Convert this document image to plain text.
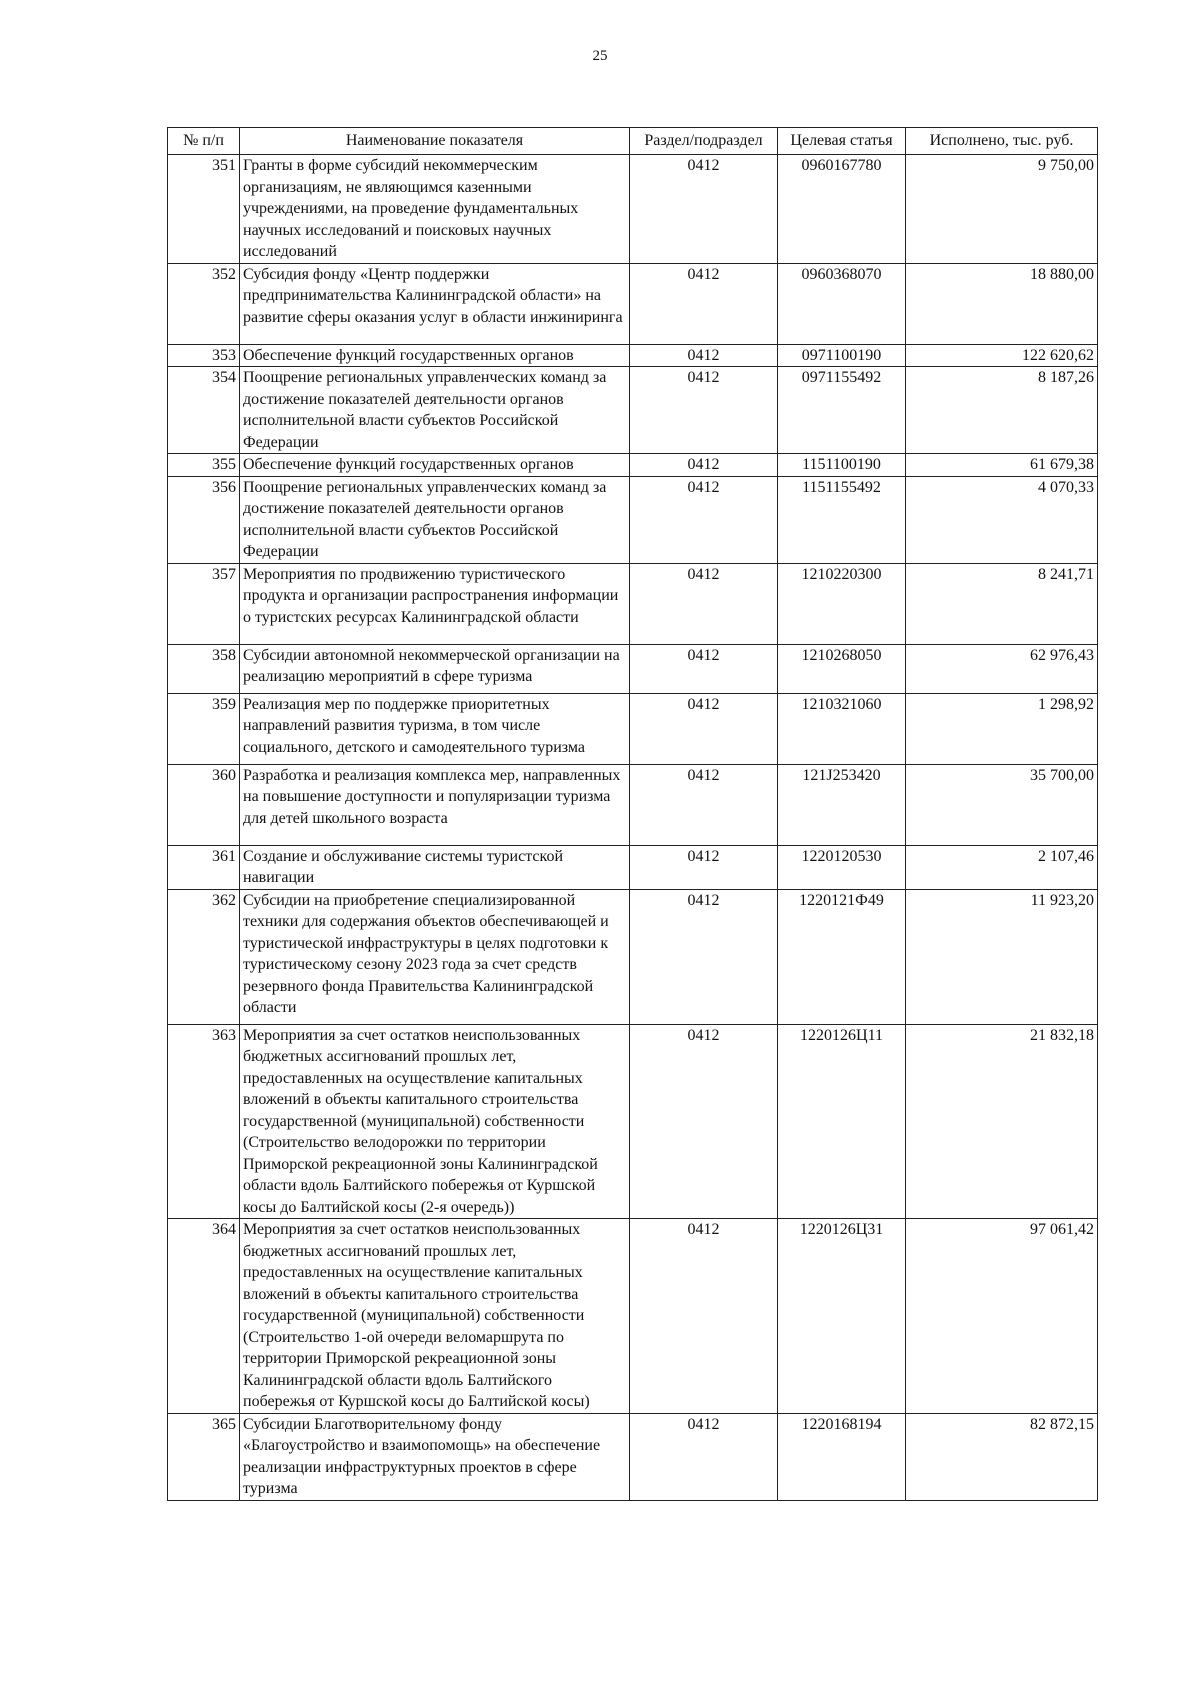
25
№ п/п	Наименование показателя	Раздел/подраздел	Целевая статья	Исполнено, тыс. руб.
351	Гранты в форме субсидий некоммерческим организациям, не являющимся казенными учреждениями, на проведение фундаментальных научных исследований и поисковых научных исследований	0412	0960167780	9 750,00
352	Субсидия фонду «Центр поддержки предпринимательства Калининградской области» на развитие сферы оказания услуг в области инжиниринга	0412	0960368070	18 880,00
353	Обеспечение функций государственных органов	0412	0971100190	122 620,62
354	Поощрение региональных управленческих команд за достижение показателей деятельности органов исполнительной власти субъектов Российской Федерации	0412	0971155492	8 187,26
355	Обеспечение функций государственных органов	0412	1151100190	61 679,38
356	Поощрение региональных управленческих команд за достижение показателей деятельности органов исполнительной власти субъектов Российской Федерации	0412	1151155492	4 070,33
357	Мероприятия по продвижению туристического продукта и организации распространения информации о туристских ресурсах Калининградской области	0412	1210220300	8 241,71
358	Субсидии автономной некоммерческой организации на реализацию мероприятий в сфере туризма	0412	1210268050	62 976,43
359	Реализация мер по поддержке приоритетных направлений развития туризма, в том числе социального, детского и самодеятельного туризма	0412	1210321060	1 298,92
360	Разработка и реализация комплекса мер, направленных на повышение доступности и популяризации туризма для детей школьного возраста	0412	121J253420	35 700,00
361	Создание и обслуживание системы туристской навигации	0412	1220120530	2 107,46
362	Субсидии на приобретение специализированной техники для содержания объектов обеспечивающей и туристической инфраструктуры в целях подготовки к туристическому сезону 2023 года за счет средств резервного фонда Правительства Калининградской области	0412	1220121Ф49	11 923,20
363	Мероприятия за счет остатков неиспользованных бюджетных ассигнований прошлых лет, предоставленных на осуществление капитальных вложений в объекты капитального строительства государственной (муниципальной) собственности (Строительство велодорожки по территории Приморской рекреационной зоны Калининградской области вдоль Балтийского побережья от Куршской косы до Балтийской косы (2-я очередь))	0412	1220126Ц11	21 832,18
364	Мероприятия за счет остатков неиспользованных бюджетных ассигнований прошлых лет, предоставленных на осуществление капитальных вложений в объекты капитального строительства государственной (муниципальной) собственности (Строительство 1-ой очереди веломаршрута по территории Приморской рекреационной зоны Калининградской области вдоль Балтийского побережья от Куршской косы до Балтийской косы)	0412	1220126Ц31	97 061,42
365	Субсидии Благотворительному фонду «Благоустройство и взаимопомощь» на обеспечение реализации инфраструктурных проектов в сфере туризма	0412	1220168194	82 872,15
